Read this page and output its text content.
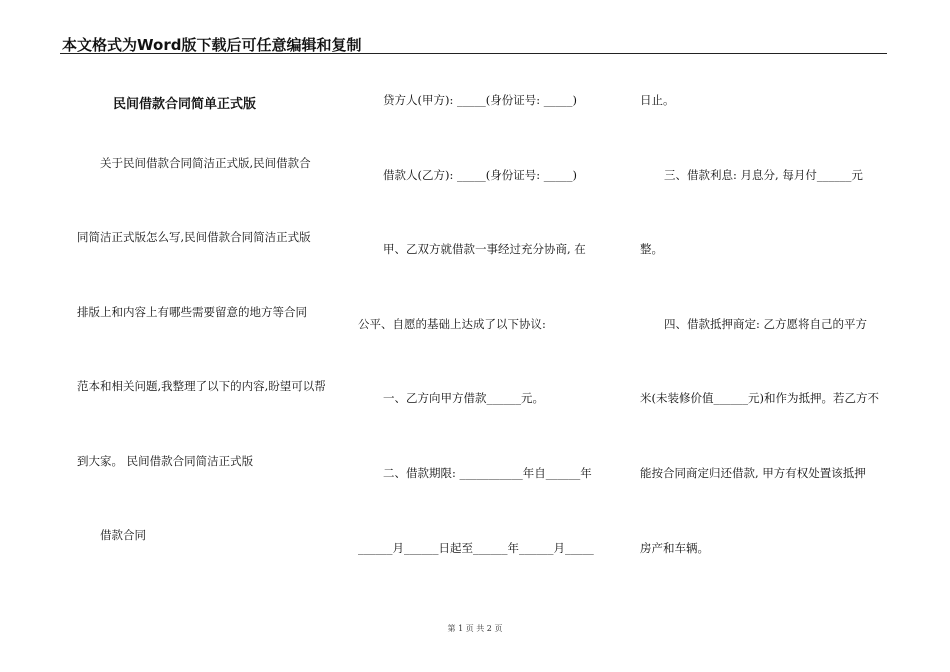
本文格式为Word版下载后可任意编辑和复制
民间借款合同简单正式版
关于民间借款合同简洁正式版,民间借款合
同简洁正式版怎么写,民间借款合同简洁正式版
排版上和内容上有哪些需要留意的地方等合同
范本和相关问题,我整理了以下的内容,盼望可以帮
到大家。 民间借款合同简洁正式版
借款合同
贷方人(甲方): _____(身份证号: _____)
借款人(乙方): _____(身份证号: _____)
甲、乙双方就借款一事经过充分协商, 在
公平、自愿的基础上达成了以下协议:
一、乙方向甲方借款______元。
二、借款期限: ___________年自______年
______月______日起至______年______月_____
日止。
三、借款利息: 月息分, 每月付______元
整。
四、借款抵押商定: 乙方愿将自己的平方
米(未装修价值______元)和作为抵押。若乙方不
能按合同商定归还借款, 甲方有权处置该抵押
房产和车辆。
第 1 页 共 2 页
